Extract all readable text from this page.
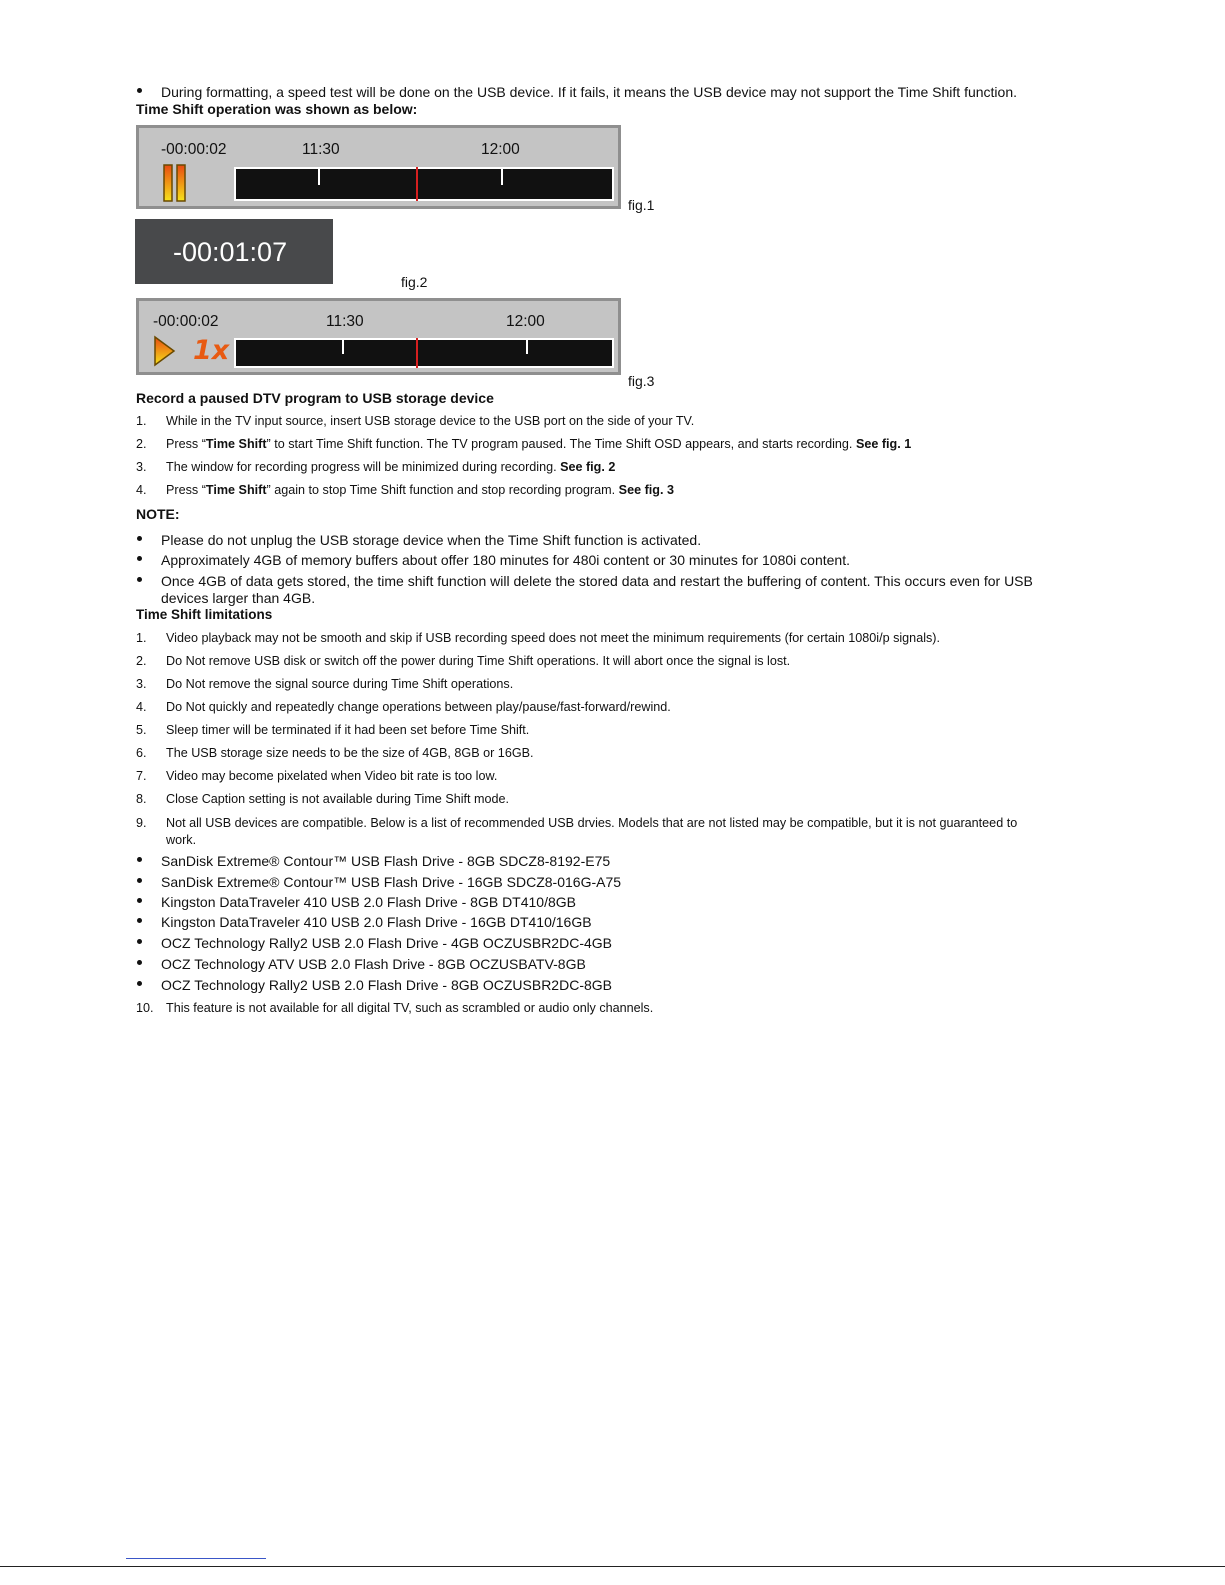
During formatting, a speed test will be done on the USB device. If it fails, it means the USB device may not support the Time Shift function.
Time Shift operation was shown as below:
-00:00:02	11:30	12:00
fig.1
-00:01:07
fig.2
-00:00:02	11:30	12:00
1x
fig.3
Record a paused DTV program to USB storage device
1. While in the TV input source, insert USB storage device to the USB port on the side of your TV.
2. Press “Time Shift” to start Time Shift function. The TV program paused. The Time Shift OSD appears, and starts recording. See fig. 1
3. The window for recording progress will be minimized during recording. See fig. 2
4. Press “Time Shift” again to stop Time Shift function and stop recording program. See fig. 3
NOTE:
Please do not unplug the USB storage device when the Time Shift function is activated.
Approximately 4GB of memory buffers about offer 180 minutes for 480i content or 30 minutes for 1080i content.
Once 4GB of data gets stored, the time shift function will delete the stored data and restart the buffering of content. This occurs even for USB
devices larger than 4GB.
Time Shift limitations
1. Video playback may not be smooth and skip if USB recording speed does not meet the minimum requirements (for certain 1080i/p signals).
2. Do Not remove USB disk or switch off the power during Time Shift operations. It will abort once the signal is lost.
3. Do Not remove the signal source during Time Shift operations.
4. Do Not quickly and repeatedly change operations between play/pause/fast-forward/rewind.
5. Sleep timer will be terminated if it had been set before Time Shift.
6. The USB storage size needs to be the size of 4GB, 8GB or 16GB.
7. Video may become pixelated when Video bit rate is too low.
8. Close Caption setting is not available during Time Shift mode.
9. Not all USB devices are compatible. Below is a list of recommended USB drvies. Models that are not listed may be compatible, but it is not guaranteed to
work.
SanDisk Extreme® Contour™ USB Flash Drive - 8GB SDCZ8-8192-E75
SanDisk Extreme® Contour™ USB Flash Drive - 16GB SDCZ8-016G-A75
Kingston DataTraveler 410 USB 2.0 Flash Drive - 8GB DT410/8GB
Kingston DataTraveler 410 USB 2.0 Flash Drive - 16GB DT410/16GB
OCZ Technology Rally2 USB 2.0 Flash Drive - 4GB OCZUSBR2DC-4GB
OCZ Technology ATV USB 2.0 Flash Drive - 8GB OCZUSBATV-8GB
OCZ Technology Rally2 USB 2.0 Flash Drive - 8GB OCZUSBR2DC-8GB
10. This feature is not available for all digital TV, such as scrambled or audio only channels.
